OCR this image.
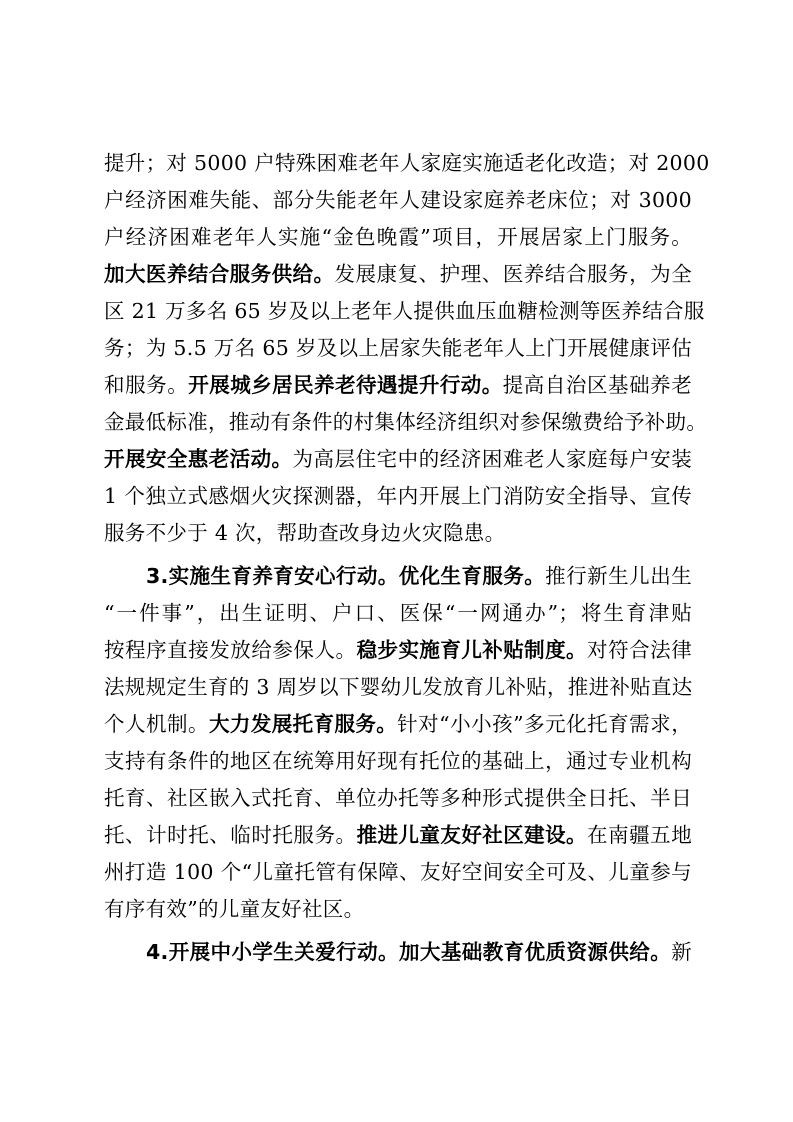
提升；对 5000 户特殊困难老年人家庭实施适老化改造；对 2000
户经济困难失能、部分失能老年人建设家庭养老床位；对 3000
户经济困难老年人实施“金色晚霞”项目，开展居家上门服务。
加大医养结合服务供给。发展康复、护理、医养结合服务，为全
区 21 万多名 65 岁及以上老年人提供血压血糖检测等医养结合服
务；为 5.5 万名 65 岁及以上居家失能老年人上门开展健康评估
和服务。开展城乡居民养老待遇提升行动。提高自治区基础养老
金最低标准，推动有条件的村集体经济组织对参保缴费给予补助。
开展安全惠老活动。为高层住宅中的经济困难老人家庭每户安装
1 个独立式感烟火灾探测器，年内开展上门消防安全指导、宣传
服务不少于 4 次，帮助查改身边火灾隐患。
3.实施生育养育安心行动。优化生育服务。推行新生儿出生
“一件事”，出生证明、户口、医保“一网通办”；将生育津贴
按程序直接发放给参保人。稳步实施育儿补贴制度。对符合法律
法规规定生育的 3 周岁以下婴幼儿发放育儿补贴，推进补贴直达
个人机制。大力发展托育服务。针对“小小孩”多元化托育需求，
支持有条件的地区在统筹用好现有托位的基础上，通过专业机构
托育、社区嵌入式托育、单位办托等多种形式提供全日托、半日
托、计时托、临时托服务。推进儿童友好社区建设。在南疆五地
州打造 100 个“儿童托管有保障、友好空间安全可及、儿童参与
有序有效”的儿童友好社区。
4.开展中小学生关爱行动。加大基础教育优质资源供给。新
